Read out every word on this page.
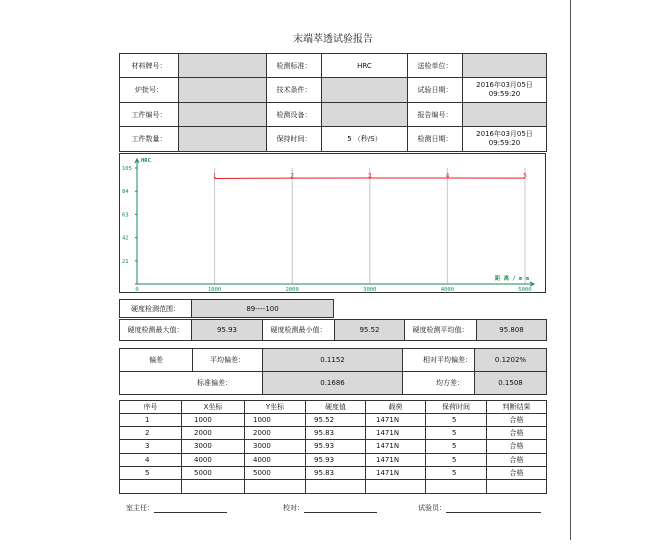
末端萃透试验报告
材料牌号：		检测标准：	HRC	送检单位：	
炉批号：		技术条件：		试验日期：	2016年03月05日
09:59:20
工件编号：		检测设备：		报告编号：	
工件数量：		保持时间：	5 （秒/S）	检测日期：	2016年03月05日
09:59:20
21
42
63
84
105
0	1000	2000	3000	4000	5000
HRC
距 离 / m m
1	2	3	4	5
硬度检测范围：	89----100
硬度检测最大值：	95.93	硬度检测最小值：	95.52	硬度检测平均值：	95.808
偏差	平均偏差：	0.1152	相对平均偏差：	0.1202%
标准偏差：		0.1686	均方差：	0.1508
序号	X坐标	Y坐标	硬度值	载荷	保荷时间	判断结果
1	1000	1000	95.52	1471N	5	合格
2	2000	2000	95.83	1471N	5	合格
3	3000	3000	95.93	1471N	5	合格
4	4000	4000	95.93	1471N	5	合格
5	5000	5000	95.83	1471N	5	合格

室主任：	校对：	试验员：
